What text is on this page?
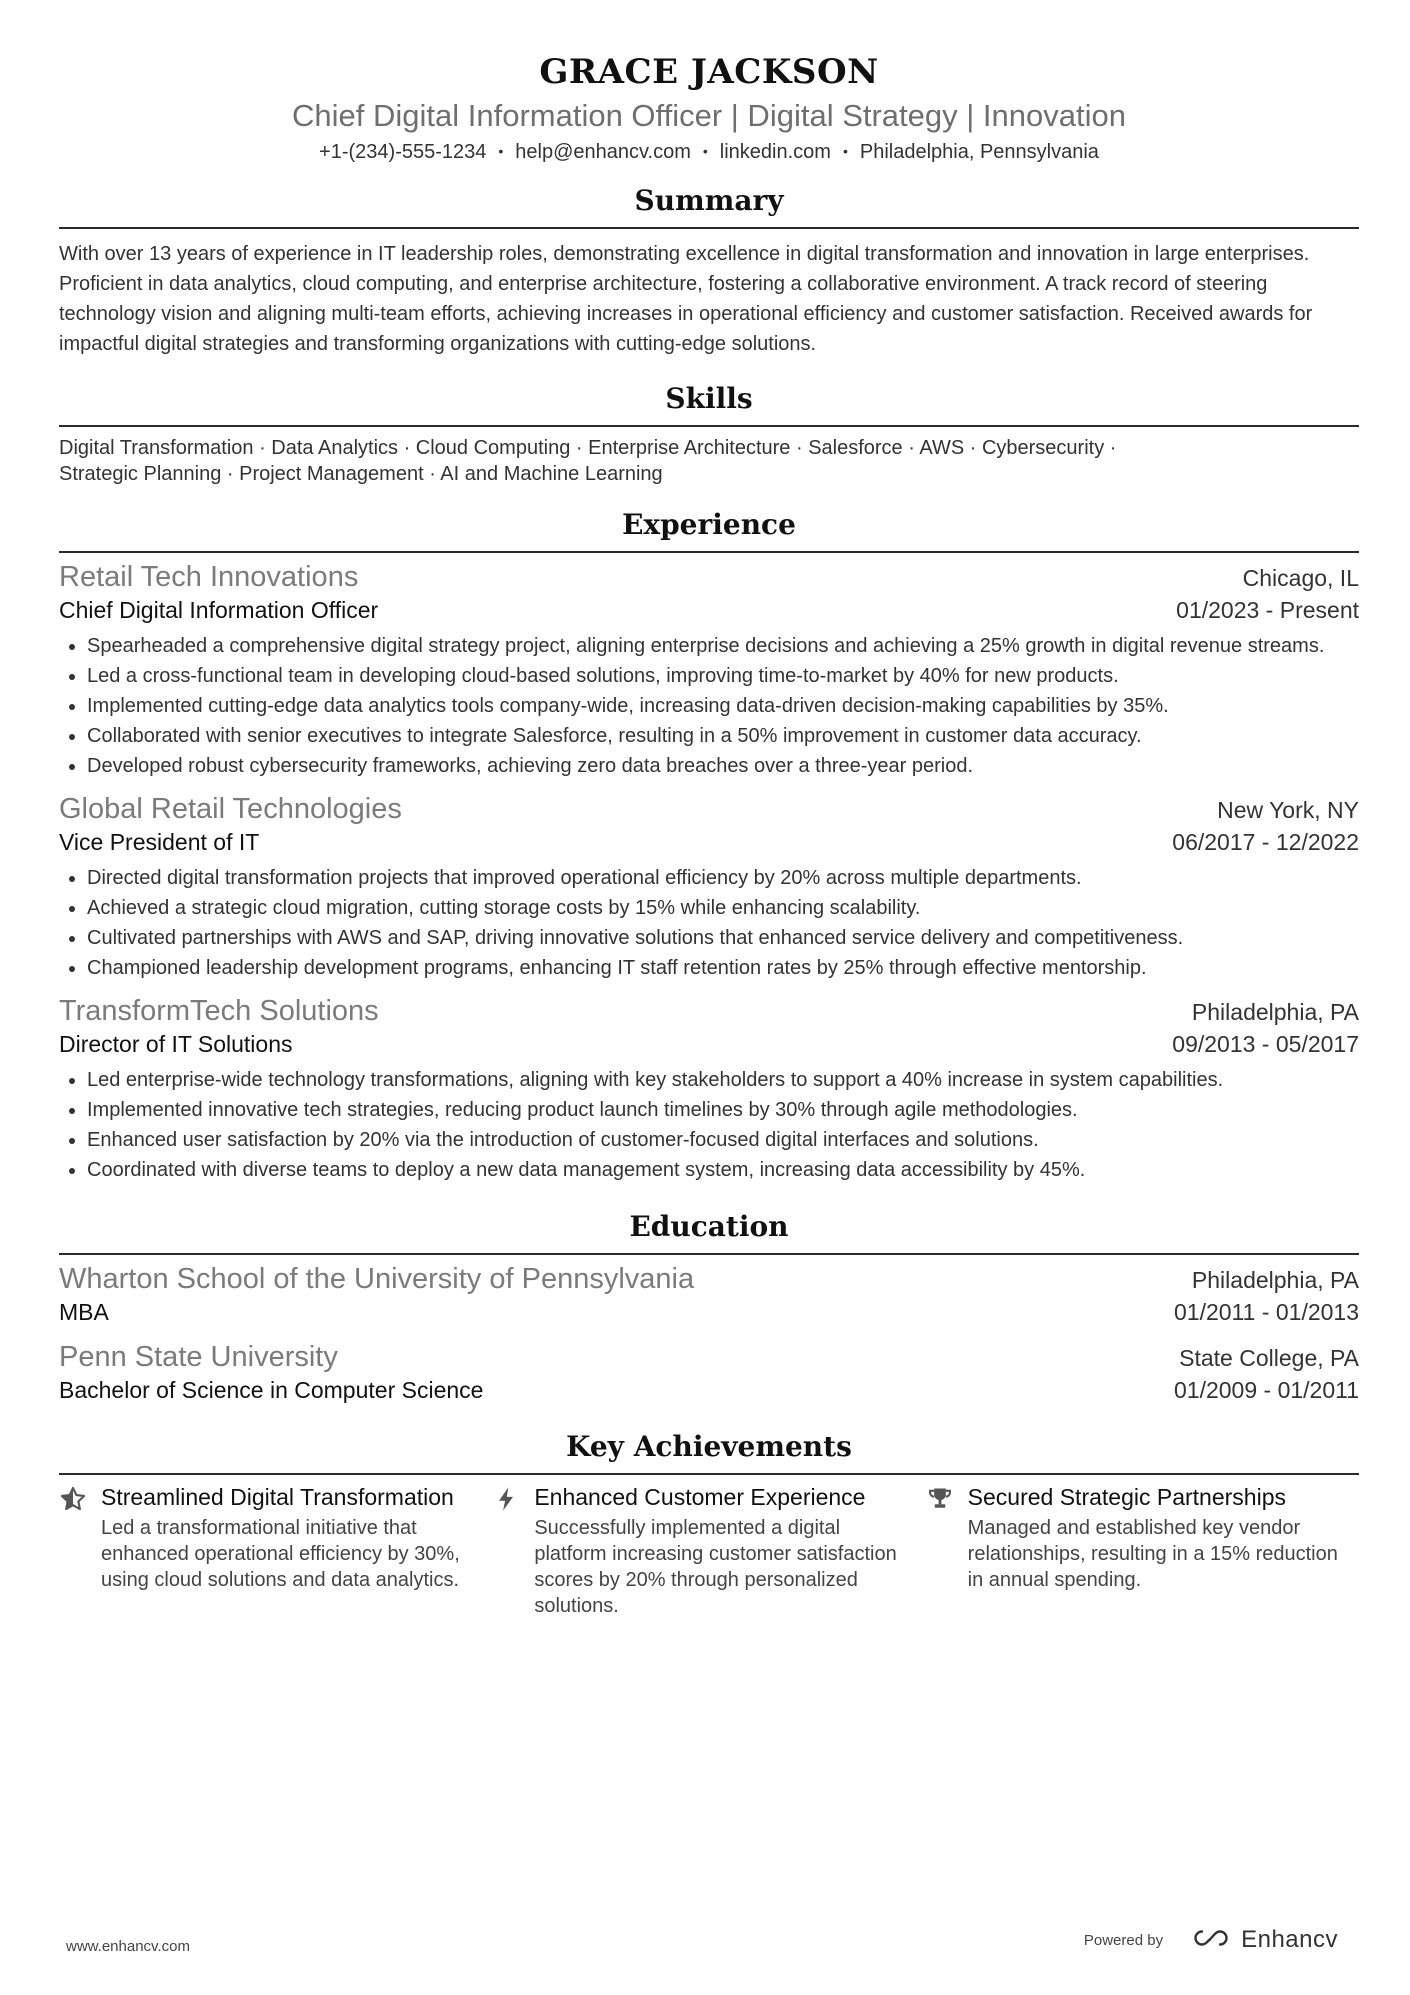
GRACE JACKSON
Chief Digital Information Officer | Digital Strategy | Innovation
+1-(234)-555-1234 • help@enhancv.com • linkedin.com • Philadelphia, Pennsylvania
Summary
With over 13 years of experience in IT leadership roles, demonstrating excellence in digital transformation and innovation in large enterprises. Proficient in data analytics, cloud computing, and enterprise architecture, fostering a collaborative environment. A track record of steering technology vision and aligning multi-team efforts, achieving increases in operational efficiency and customer satisfaction. Received awards for impactful digital strategies and transforming organizations with cutting-edge solutions.
Skills
Digital Transformation · Data Analytics · Cloud Computing · Enterprise Architecture · Salesforce · AWS · Cybersecurity ·
Strategic Planning · Project Management · AI and Machine Learning
Experience
Retail Tech Innovations	Chicago, IL
Chief Digital Information Officer	01/2023 - Present
• Spearheaded a comprehensive digital strategy project, aligning enterprise decisions and achieving a 25% growth in digital revenue streams.
• Led a cross-functional team in developing cloud-based solutions, improving time-to-market by 40% for new products.
• Implemented cutting-edge data analytics tools company-wide, increasing data-driven decision-making capabilities by 35%.
• Collaborated with senior executives to integrate Salesforce, resulting in a 50% improvement in customer data accuracy.
• Developed robust cybersecurity frameworks, achieving zero data breaches over a three-year period.
Global Retail Technologies	New York, NY
Vice President of IT	06/2017 - 12/2022
• Directed digital transformation projects that improved operational efficiency by 20% across multiple departments.
• Achieved a strategic cloud migration, cutting storage costs by 15% while enhancing scalability.
• Cultivated partnerships with AWS and SAP, driving innovative solutions that enhanced service delivery and competitiveness.
• Championed leadership development programs, enhancing IT staff retention rates by 25% through effective mentorship.
TransformTech Solutions	Philadelphia, PA
Director of IT Solutions	09/2013 - 05/2017
• Led enterprise-wide technology transformations, aligning with key stakeholders to support a 40% increase in system capabilities.
• Implemented innovative tech strategies, reducing product launch timelines by 30% through agile methodologies.
• Enhanced user satisfaction by 20% via the introduction of customer-focused digital interfaces and solutions.
• Coordinated with diverse teams to deploy a new data management system, increasing data accessibility by 45%.
Education
Wharton School of the University of Pennsylvania	Philadelphia, PA
MBA	01/2011 - 01/2013
Penn State University	State College, PA
Bachelor of Science in Computer Science	01/2009 - 01/2011
Key Achievements
Streamlined Digital Transformation
Led a transformational initiative that enhanced operational efficiency by 30%, using cloud solutions and data analytics.
Enhanced Customer Experience
Successfully implemented a digital platform increasing customer satisfaction scores by 20% through personalized solutions.
Secured Strategic Partnerships
Managed and established key vendor relationships, resulting in a 15% reduction in annual spending.
www.enhancv.com	Powered by	Enhancv
